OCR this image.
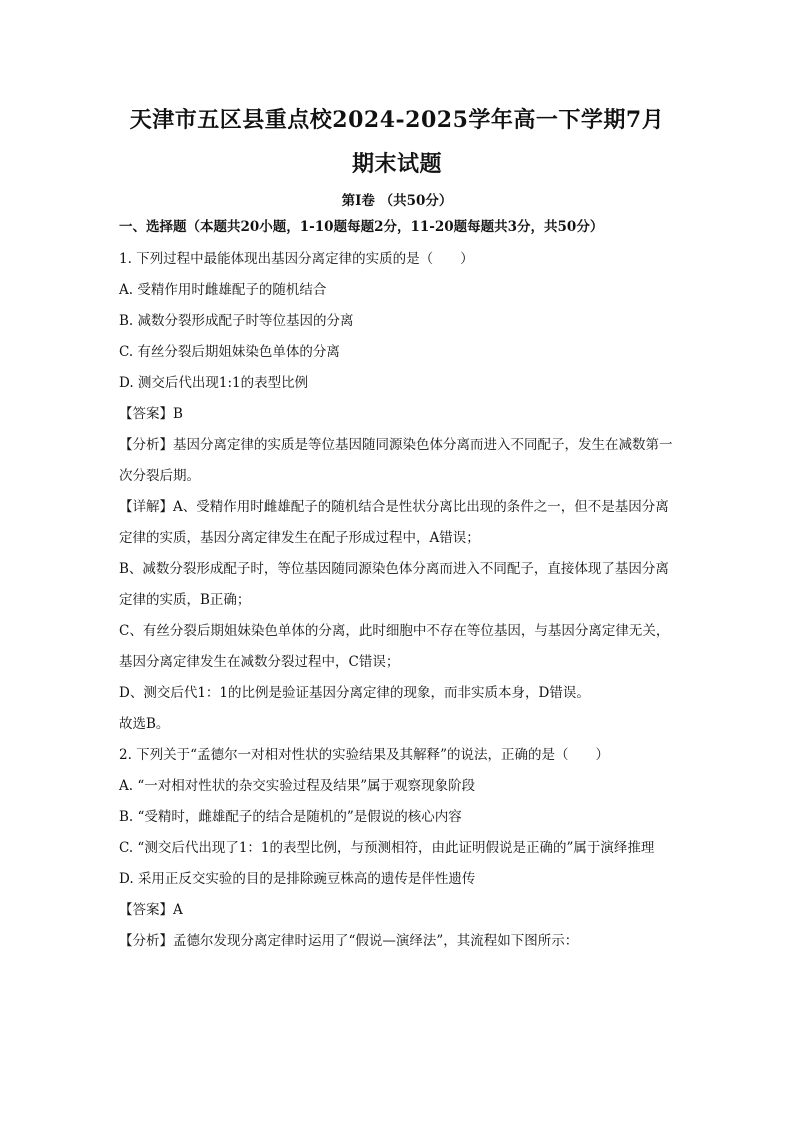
天津市五区县重点校2024-2025学年高一下学期7月
期末试题

第Ⅰ卷 （共50分）

一、选择题（本题共20小题，1-10题每题2分，11-20题每题共3分，共50分）

1. 下列过程中最能体现出基因分离定律的实质的是（　　）

A. 受精作用时雌雄配子的随机结合

B. 减数分裂形成配子时等位基因的分离

C. 有丝分裂后期姐妹染色单体的分离

D. 测交后代出现1:1的表型比例

【答案】B

【分析】基因分离定律的实质是等位基因随同源染色体分离而进入不同配子，发生在减数第一次分裂后期。

【详解】A、受精作用时雌雄配子的随机结合是性状分离比出现的条件之一，但不是基因分离定律的实质，基因分离定律发生在配子形成过程中，A错误；

B、减数分裂形成配子时，等位基因随同源染色体分离而进入不同配子，直接体现了基因分离定律的实质，B正确；

C、有丝分裂后期姐妹染色单体的分离，此时细胞中不存在等位基因，与基因分离定律无关，基因分离定律发生在减数分裂过程中，C错误；

D、测交后代1：1的比例是验证基因分离定律的现象，而非实质本身，D错误。

故选B。

2. 下列关于“孟德尔一对相对性状的实验结果及其解释”的说法，正确的是（　　）

A. “一对相对性状的杂交实验过程及结果”属于观察现象阶段

B. “受精时，雌雄配子的结合是随机的”是假说的核心内容

C. “测交后代出现了1：1的表型比例，与预测相符，由此证明假说是正确的”属于演绎推理

D. 采用正反交实验的目的是排除豌豆株高的遗传是伴性遗传

【答案】A

【分析】孟德尔发现分离定律时运用了“假说—演绎法”，其流程如下图所示：
